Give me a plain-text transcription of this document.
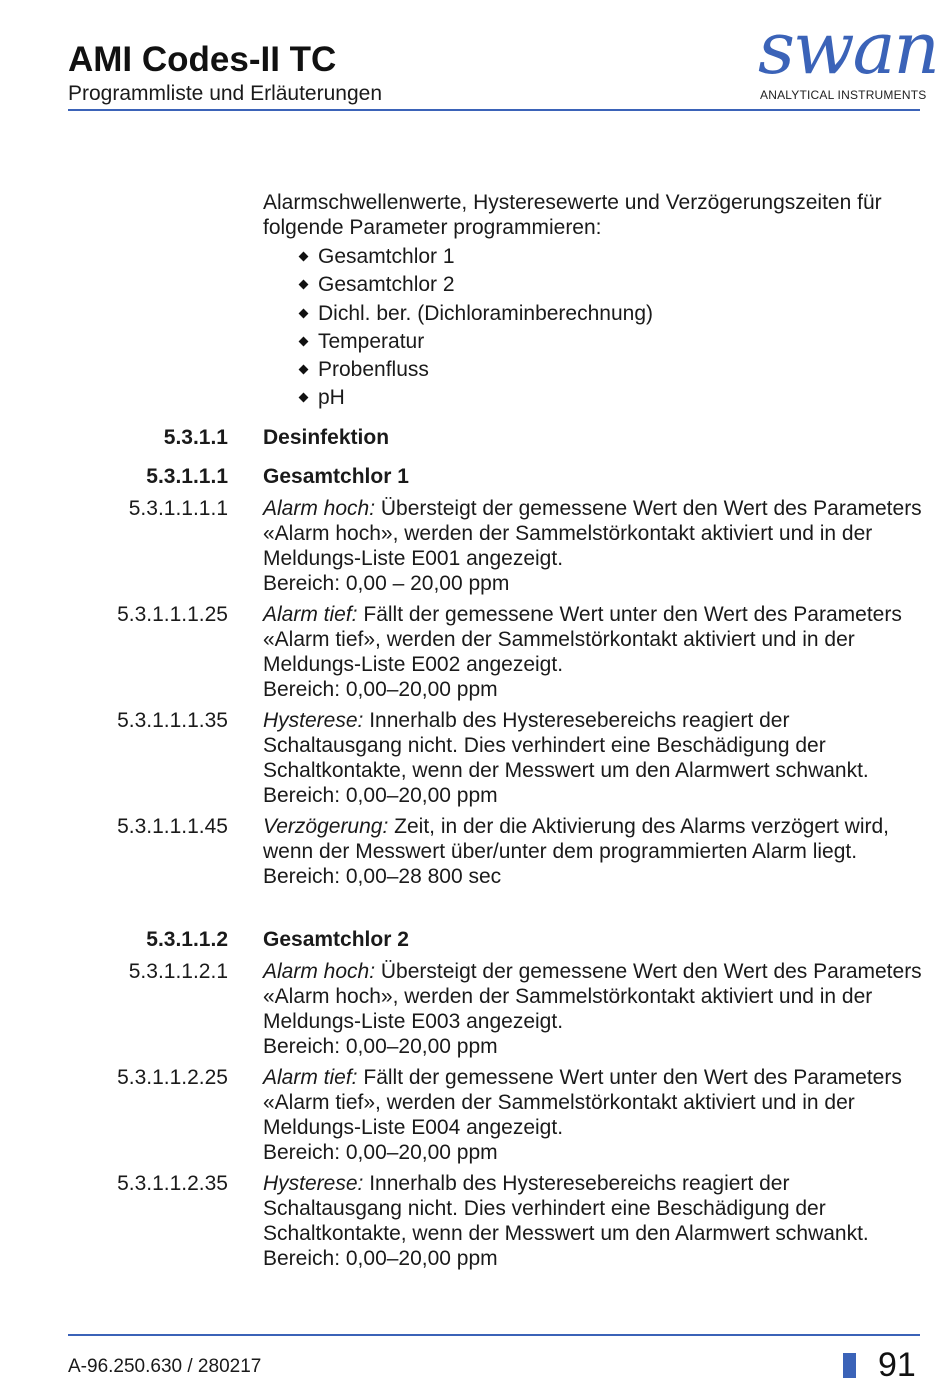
AMI Codes-II TC
Programmliste und Erläuterungen
swan
ANALYTICAL INSTRUMENTS
Alarmschwellenwerte, Hysteresewerte und Verzögerungszeiten für folgende Parameter programmieren:
Gesamtchlor 1
Gesamtchlor 2
Dichl. ber. (Dichloraminberechnung)
Temperatur
Probenfluss
pH
5.3.1.1 Desinfektion
5.3.1.1.1 Gesamtchlor 1
5.3.1.1.1.1 Alarm hoch: Übersteigt der gemessene Wert den Wert des Parameters «Alarm hoch», werden der Sammelstörkontakt aktiviert und in der Meldungs-Liste E001 angezeigt.
Bereich: 0,00 – 20,00 ppm
5.3.1.1.1.25 Alarm tief: Fällt der gemessene Wert unter den Wert des Parameters «Alarm tief», werden der Sammelstörkontakt aktiviert und in der Meldungs-Liste E002 angezeigt.
Bereich: 0,00–20,00 ppm
5.3.1.1.1.35 Hysterese: Innerhalb des Hysteresebereichs reagiert der Schaltausgang nicht. Dies verhindert eine Beschädigung der Schaltkontakte, wenn der Messwert um den Alarmwert schwankt.
Bereich: 0,00–20,00 ppm
5.3.1.1.1.45 Verzögerung: Zeit, in der die Aktivierung des Alarms verzögert wird, wenn der Messwert über/unter dem programmierten Alarm liegt.
Bereich: 0,00–28 800 sec
5.3.1.1.2 Gesamtchlor 2
5.3.1.1.2.1 Alarm hoch: Übersteigt der gemessene Wert den Wert des Parameters «Alarm hoch», werden der Sammelstörkontakt aktiviert und in der Meldungs-Liste E003 angezeigt.
Bereich: 0,00–20,00 ppm
5.3.1.1.2.25 Alarm tief: Fällt der gemessene Wert unter den Wert des Parameters «Alarm tief», werden der Sammelstörkontakt aktiviert und in der Meldungs-Liste E004 angezeigt.
Bereich: 0,00–20,00 ppm
5.3.1.1.2.35 Hysterese: Innerhalb des Hysteresebereichs reagiert der Schaltausgang nicht. Dies verhindert eine Beschädigung der Schaltkontakte, wenn der Messwert um den Alarmwert schwankt.
Bereich: 0,00–20,00 ppm
A-96.250.630 / 280217	91
